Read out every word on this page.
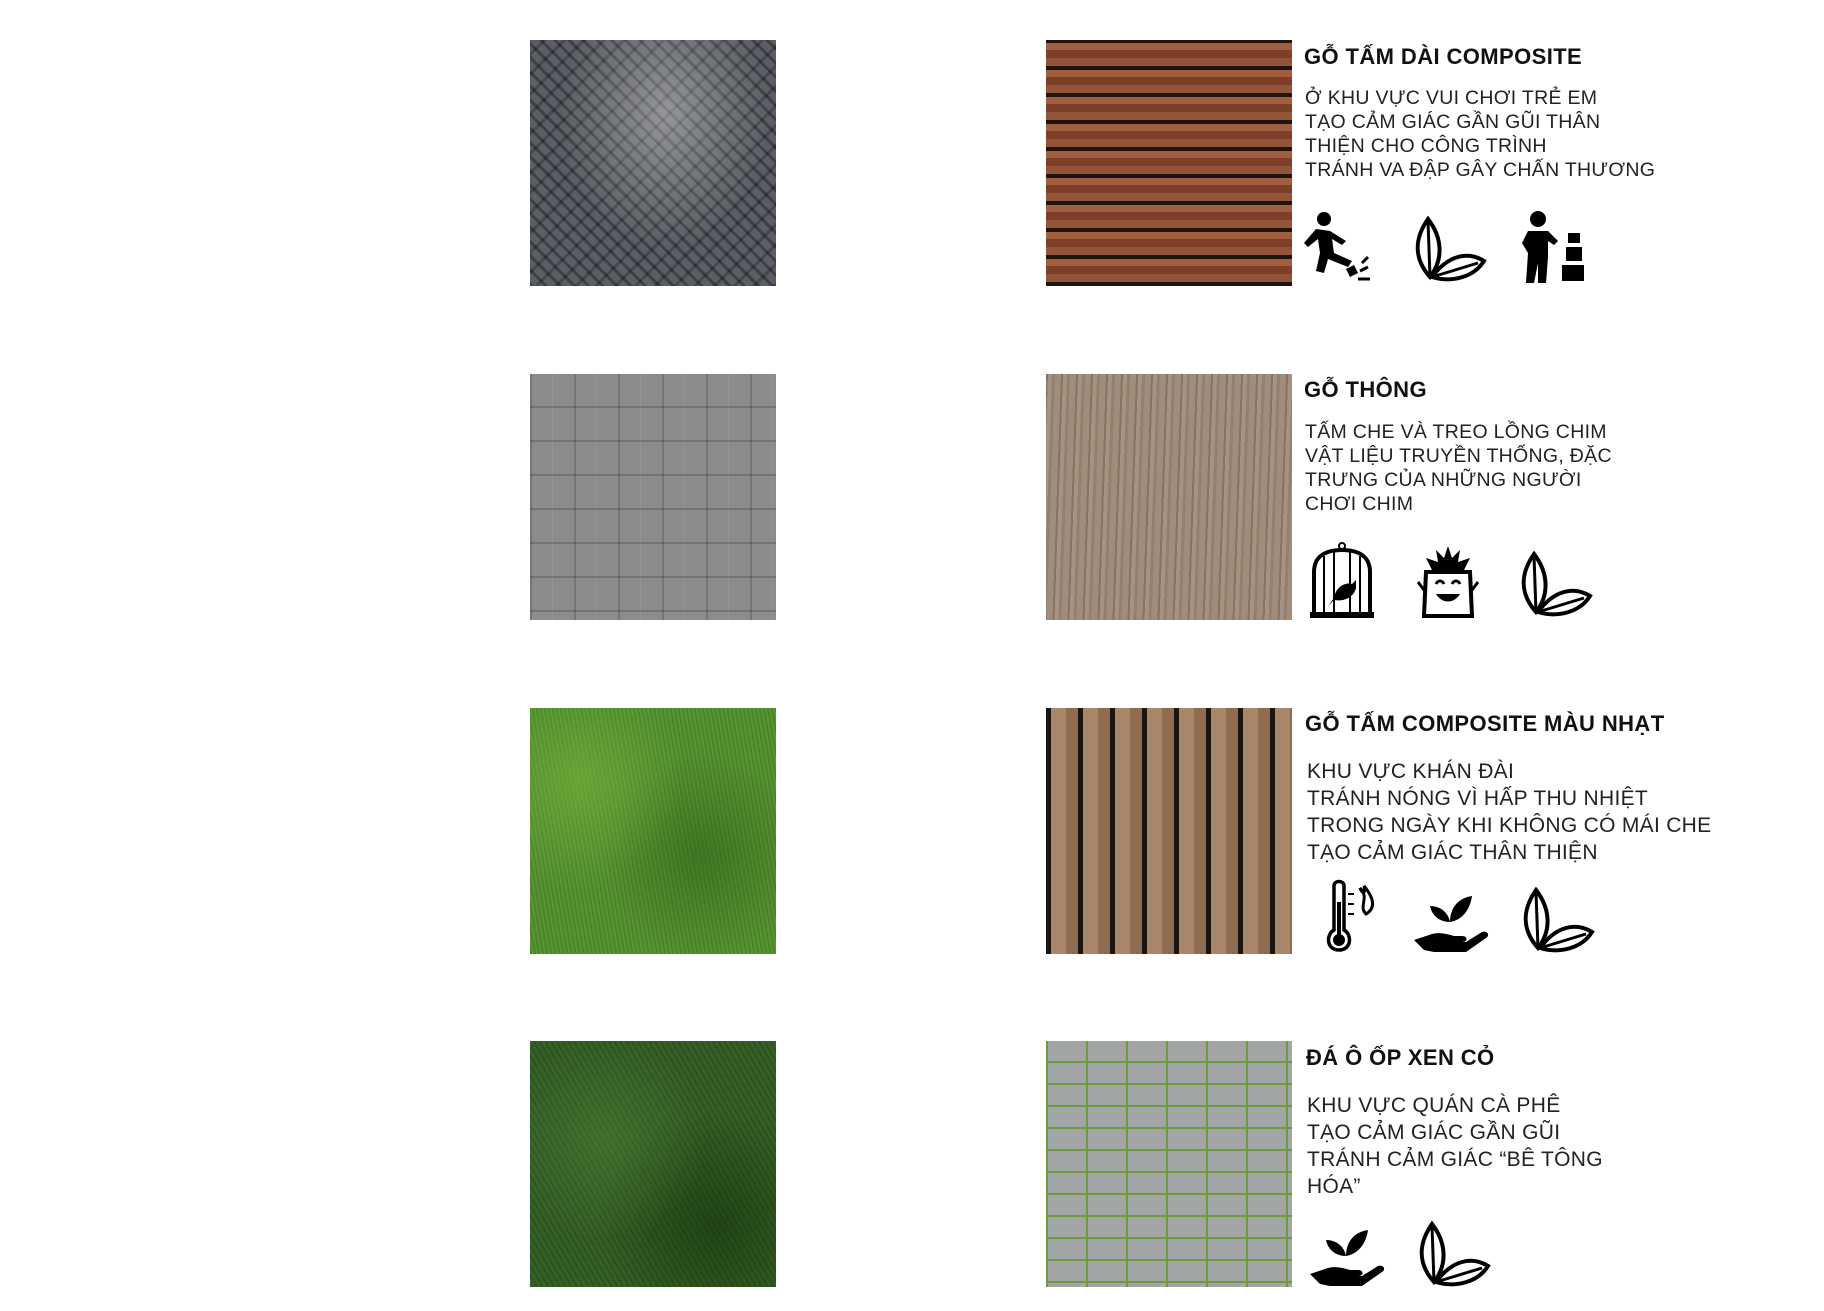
GỖ TẤM DÀI COMPOSITE
Ở KHU VỰC VUI CHƠI TRẺ EM
TẠO CẢM GIÁC GẦN GŨI THÂN
THIỆN CHO CÔNG TRÌNH
TRÁNH VA ĐẬP GÂY CHẤN THƯƠNG
GỖ THÔNG
TẤM CHE VÀ TREO LỒNG CHIM
VẬT LIỆU TRUYỀN THỐNG, ĐẶC
TRƯNG CỦA NHỮNG NGƯỜI
CHƠI CHIM
GỖ TẤM COMPOSITE MÀU NHẠT
KHU VỰC KHÁN ĐÀI
TRÁNH NÓNG VÌ HẤP THU NHIỆT
TRONG NGÀY KHI KHÔNG CÓ MÁI CHE
TẠO CẢM GIÁC THÂN THIỆN
ĐÁ Ô ỐP XEN CỎ
KHU VỰC QUÁN CÀ PHÊ
TẠO CẢM GIÁC GẦN GŨI
TRÁNH CẢM GIÁC “BÊ TÔNG
HÓA”
